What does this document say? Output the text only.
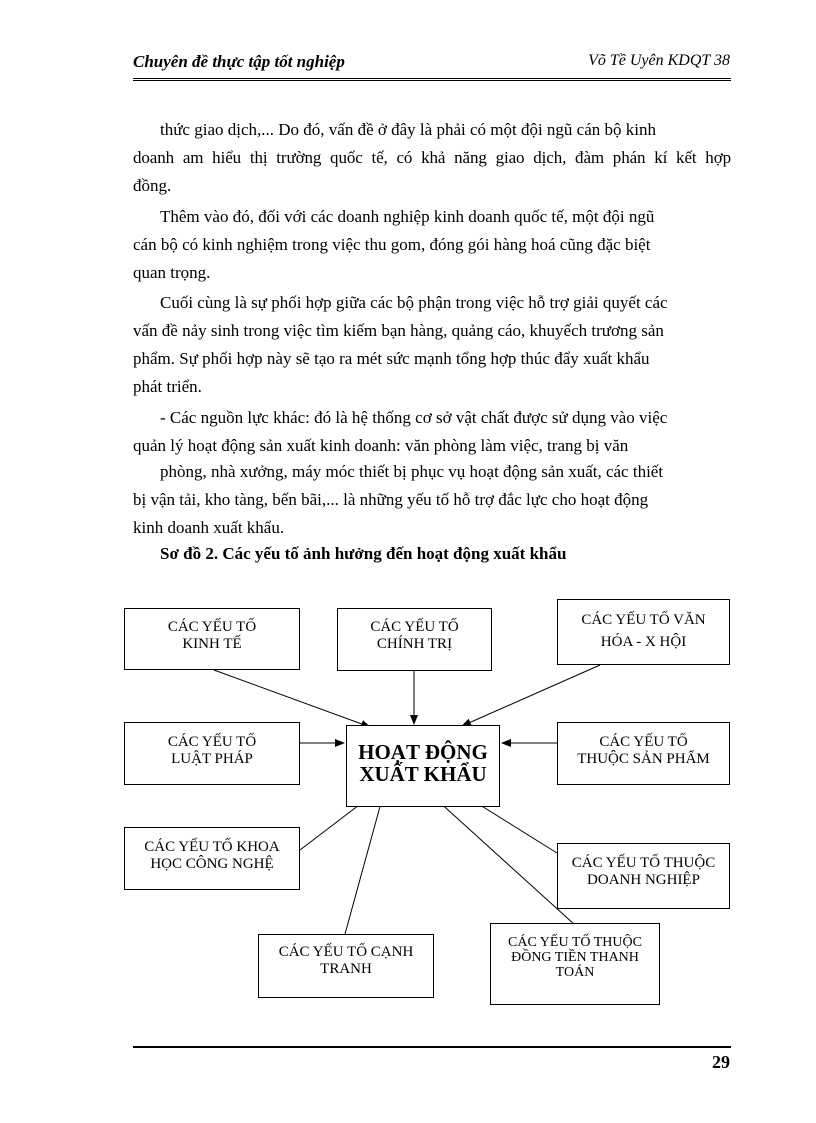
Chuyên đề thực tập tốt nghiệp	Võ Tề Uyên KDQT 38
thức giao dịch,... Do đó, vấn đề ở đây là phải có một đội ngũ cán bộ kinh
doanh am hiểu thị trường quốc tế, có khả năng giao dịch, đàm phán kí kết hợp
đồng.
Thêm vào đó, đối với các doanh nghiệp kinh doanh quốc tế, một đội ngũ
cán bộ có kinh nghiệm trong việc thu gom, đóng gói hàng hoá cũng đặc biệt
quan trọng.
Cuối cùng là sự phối hợp giữa các bộ phận trong việc hỗ trợ giải quyết các
vấn đề nảy sinh trong việc tìm kiếm bạn hàng, quảng cáo, khuyếch trương sản
phẩm. Sự phối hợp này sẽ tạo ra mét sức mạnh tổng hợp thúc đẩy xuất khẩu
phát triển.
- Các nguồn lực khác: đó là hệ thống cơ sở vật chất được sử dụng vào việc
quản lý hoạt động sản xuất kinh doanh: văn phòng làm việc, trang bị văn
phòng, nhà xưởng, máy móc thiết bị phục vụ hoạt động sản xuất, các thiết
bị vận tải, kho tàng, bến bãi,... là những yếu tố hỗ trợ đắc lực cho hoạt động
kinh doanh xuất khẩu.
Sơ đồ 2. Các yếu tố ảnh hưởng đến hoạt động xuất khẩu
CÁC YẾU TỐ
KINH TẾ
CÁC YẾU TỐ
CHÍNH TRỊ
CÁC YẾU TỐ VĂN
HÓA - X HỘI
CÁC YẾU TỐ
LUẬT PHÁP	HOẠT ĐỘNG
XUẤT KHẨU
CÁC YẾU TỐ
THUỘC SẢN PHẨM
CÁC YẾU TỐ KHOA
HỌC CÔNG NGHỆ	CÁC YẾU TỐ THUỘC
DOANH NGHIỆP
CÁC YẾU TỐ CẠNH
TRANH
CÁC YẾU TỐ THUỘC
ĐỒNG TIỀN THANH
TOÁN
29
